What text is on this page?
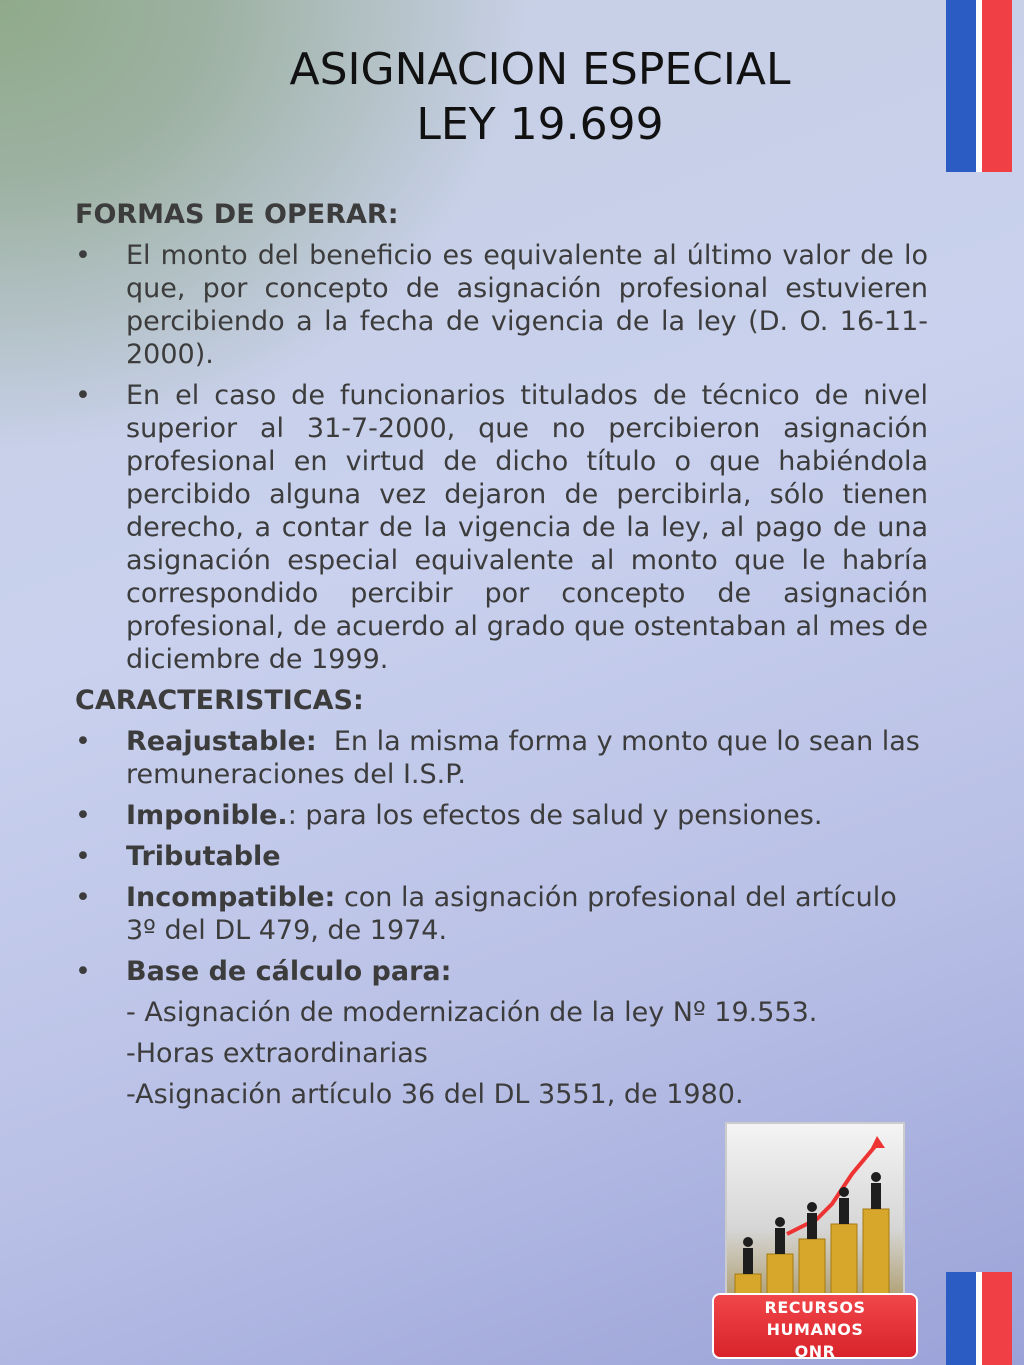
ASIGNACION ESPECIAL
LEY 19.699
FORMAS DE OPERAR:
• El monto del beneficio es equivalente al último valor de lo que, por concepto de asignación profesional estuvieren percibiendo a la fecha de vigencia de la ley (D. O. 16-11-2000).
• En el caso de funcionarios titulados de técnico de nivel superior al 31-7-2000, que no percibieron asignación profesional en virtud de dicho título o que habiéndola percibido alguna vez dejaron de percibirla, sólo tienen derecho, a contar de la vigencia de la ley, al pago de una asignación especial equivalente al monto que le habría correspondido percibir por concepto de asignación profesional, de acuerdo al grado que ostentaban al mes de diciembre de 1999.
CARACTERISTICAS:
• Reajustable:  En la misma forma y monto que lo sean las remuneraciones del I.S.P.
• Imponible.: para los efectos de salud y pensiones.
• Tributable
• Incompatible: con la asignación profesional del artículo 3º del DL 479, de 1974.
• Base de cálculo para:
- Asignación de modernización de la ley Nº 19.553.
-Horas extraordinarias
-Asignación artículo 36 del DL 3551, de 1980.
RECURSOS
HUMANOS
ONR
